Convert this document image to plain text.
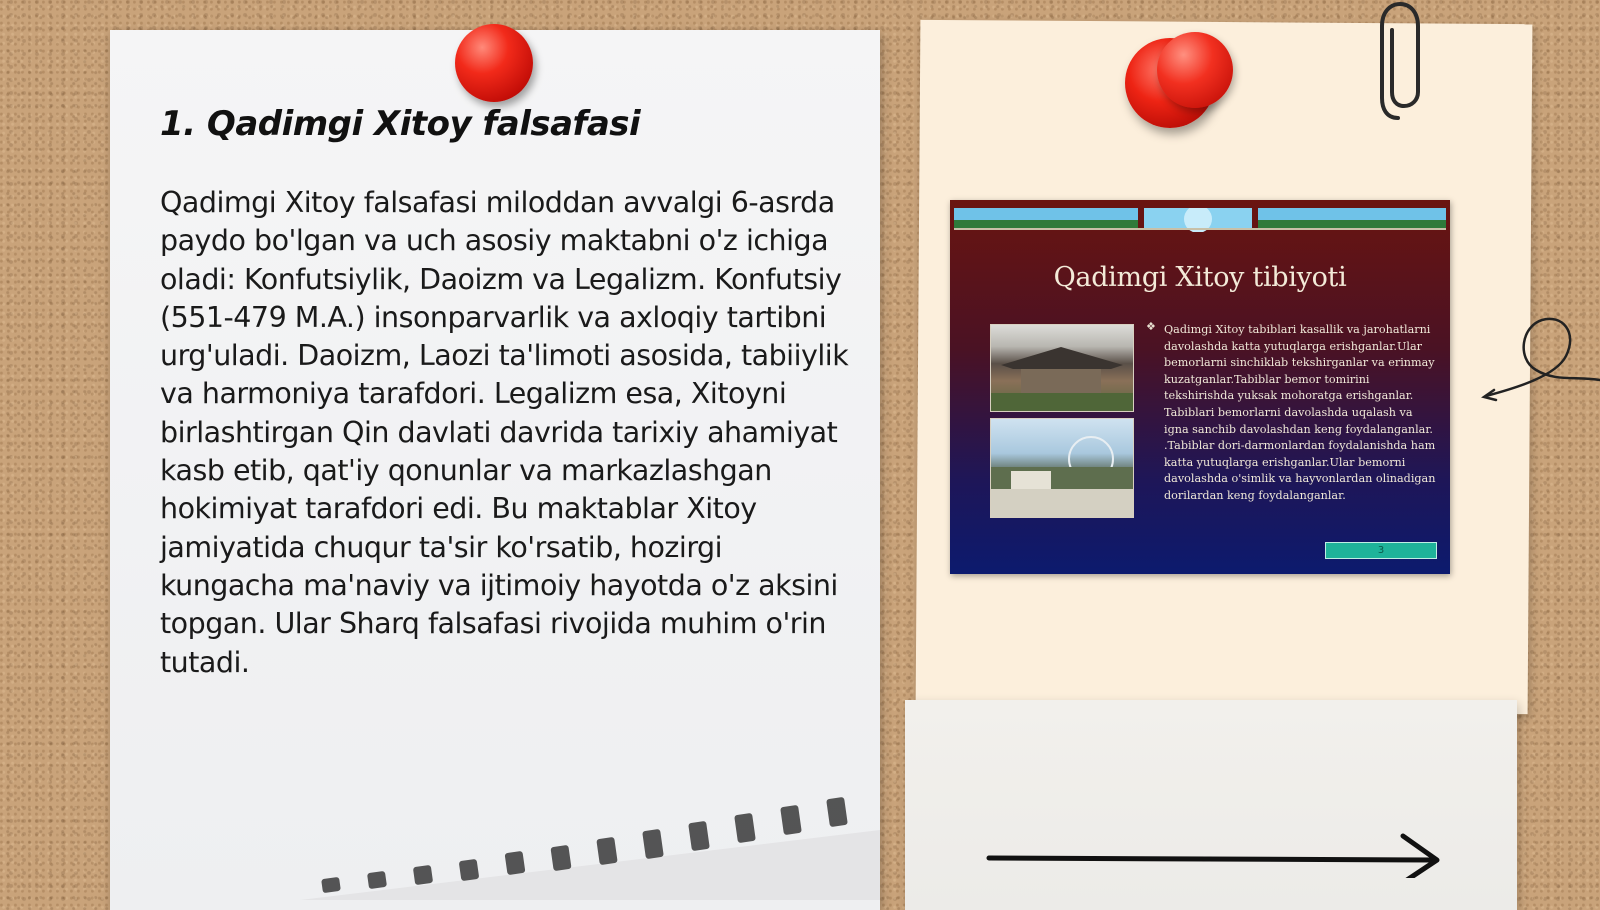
1. Qadimgi Xitoy falsafasi

Qadimgi Xitoy falsafasi miloddan avvalgi 6-asrda paydo bo'lgan va uch asosiy maktabni o'z ichiga oladi: Konfutsiylik, Daoizm va Legalizm. Konfutsiy (551-479 M.A.) insonparvarlik va axloqiy tartibni urg'uladi. Daoizm, Laozi ta'limoti asosida, tabiiylik va harmoniya tarafdori. Legalizm esa, Xitoyni birlashtirgan Qin davlati davrida tarixiy ahamiyat kasb etib, qat'iy qonunlar va markazlashgan hokimiyat tarafdori edi. Bu maktablar Xitoy jamiyatida chuqur ta'sir ko'rsatib, hozirgi kungacha ma'naviy va ijtimoiy hayotda o'z aksini topgan. Ular Sharq falsafasi rivojida muhim o'rin tutadi.

Qadimgi Xitoy tibiyoti
❖ Qadimgi Xitoy tabiblari kasallik va jarohatlarni davolashda katta yutuqlarga erishganlar.Ular bemorlarni sinchiklab tekshirganlar va erinmay kuzatganlar.Tabiblar bemor tomirini tekshirishda yuksak mohoratga erishganlar. Tabiblari bemorlarni davolashda uqalash va igna sanchib davolashdan keng foydalanganlar. .Tabiblar dori-darmonlardan foydalanishda ham katta yutuqlarga erishganlar.Ular bemorni davolashda o'simlik va hayvonlardan olinadigan dorilardan keng foydalanganlar.
3
